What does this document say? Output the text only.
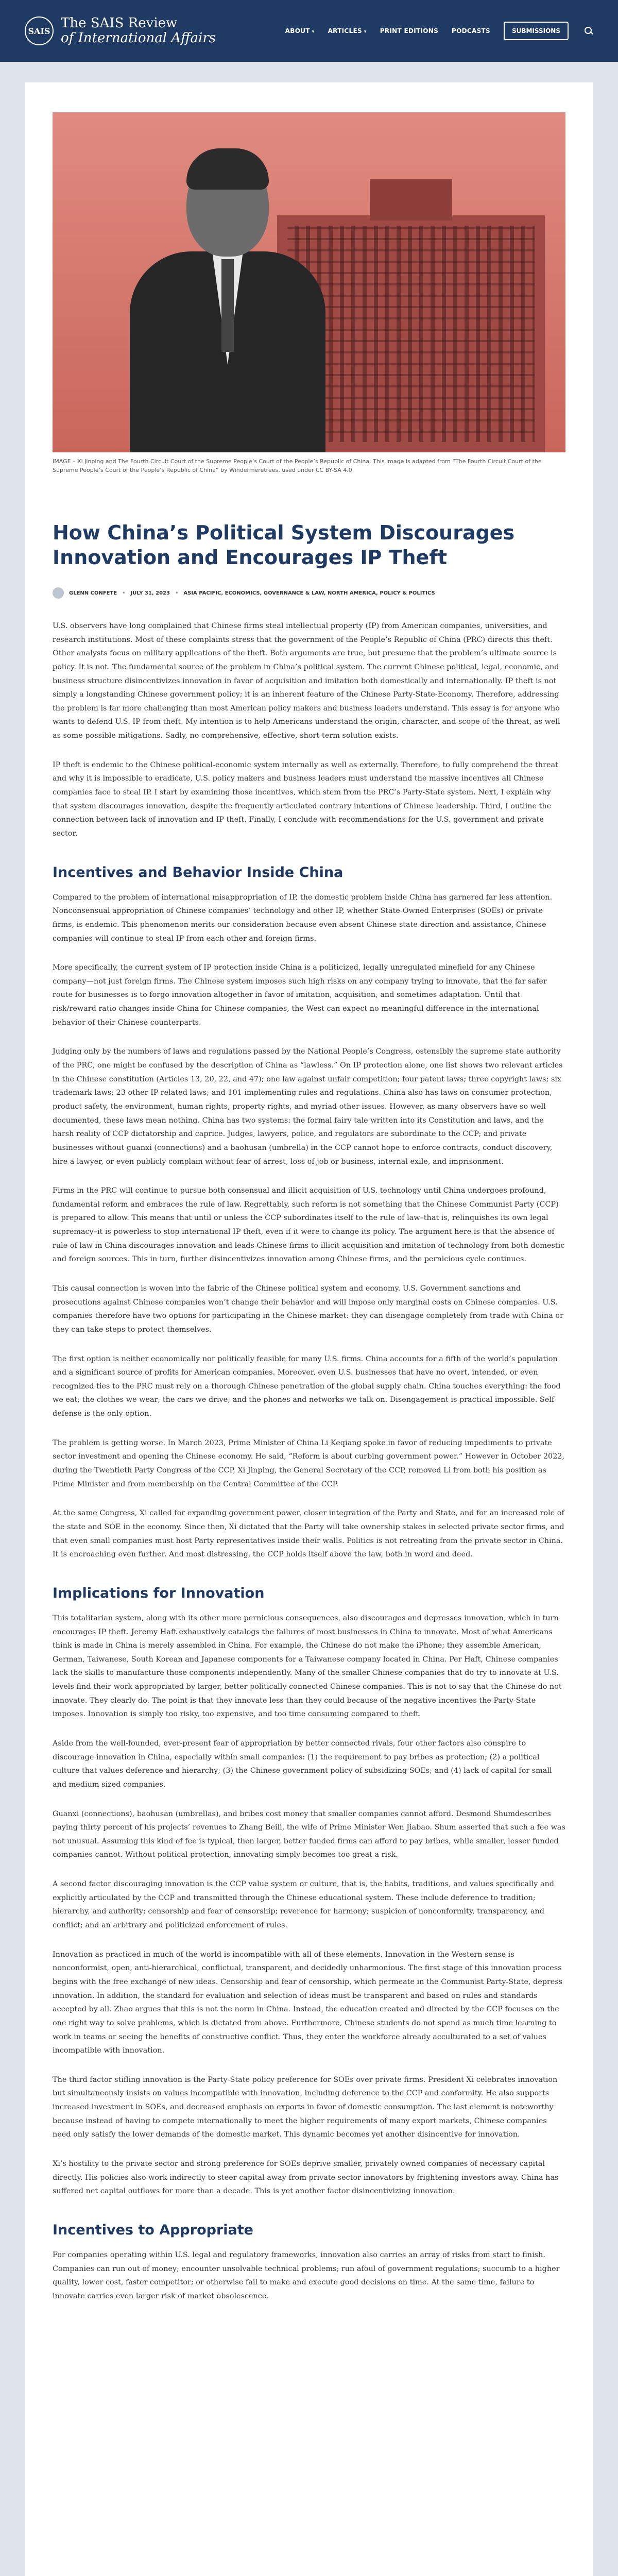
SAIS The SAIS Review
of International Affairs	ABOUT ▾ ARTICLES ▾ PRINT EDITIONS PODCASTS	SUBMISSIONS

IMAGE – Xi Jinping and The Fourth Circuit Court of the Supreme People’s Court of the People’s Republic of China. This image is adapted from “The Fourth Circuit Court of the Supreme People’s Court of the People’s Republic of China” by Windermeretrees, used under CC BY-SA 4.0.

How China’s Political System Discourages Innovation and Encourages IP Theft
GLENN CONFETE • JULY 31, 2023 • ASIA PACIFIC, ECONOMICS, GOVERNANCE & LAW, NORTH AMERICA, POLICY & POLITICS

U.S. observers have long complained that Chinese firms steal intellectual property (IP) from American companies, universities, and research institutions. Most of these complaints stress that the government of the People’s Republic of China (PRC) directs this theft. Other analysts focus on military applications of the theft. Both arguments are true, but presume that the problem’s ultimate source is policy. It is not. The fundamental source of the problem in China’s political system. The current Chinese political, legal, economic, and business structure disincentivizes innovation in favor of acquisition and imitation both domestically and internationally. IP theft is not simply a longstanding Chinese government policy; it is an inherent feature of the Chinese Party-State-Economy. Therefore, addressing the problem is far more challenging than most American policy makers and business leaders understand. This essay is for anyone who wants to defend U.S. IP from theft. My intention is to help Americans understand the origin, character, and scope of the threat, as well as some possible mitigations. Sadly, no comprehensive, effective, short-term solution exists.

IP theft is endemic to the Chinese political-economic system internally as well as externally. Therefore, to fully comprehend the threat and why it is impossible to eradicate, U.S. policy makers and business leaders must understand the massive incentives all Chinese companies face to steal IP. I start by examining those incentives, which stem from the PRC’s Party-State system. Next, I explain why that system discourages innovation, despite the frequently articulated contrary intentions of Chinese leadership. Third, I outline the connection between lack of innovation and IP theft. Finally, I conclude with recommendations for the U.S. government and private sector.

Incentives and Behavior Inside China

Compared to the problem of international misappropriation of IP, the domestic problem inside China has garnered far less attention. Nonconsensual appropriation of Chinese companies’ technology and other IP, whether State-Owned Enterprises (SOEs) or private firms, is endemic. This phenomenon merits our consideration because even absent Chinese state direction and assistance, Chinese companies will continue to steal IP from each other and foreign firms.

More specifically, the current system of IP protection inside China is a politicized, legally unregulated minefield for any Chinese company—not just foreign firms. The Chinese system imposes such high risks on any company trying to innovate, that the far safer route for businesses is to forgo innovation altogether in favor of imitation, acquisition, and sometimes adaptation. Until that risk/reward ratio changes inside China for Chinese companies, the West can expect no meaningful difference in the international behavior of their Chinese counterparts.

Judging only by the numbers of laws and regulations passed by the National People’s Congress, ostensibly the supreme state authority of the PRC, one might be confused by the description of China as “lawless.” On IP protection alone, one list shows two relevant articles in the Chinese constitution (Articles 13, 20, 22, and 47); one law against unfair competition; four patent laws; three copyright laws; six trademark laws; 23 other IP-related laws; and 101 implementing rules and regulations. China also has laws on consumer protection, product safety, the environment, human rights, property rights, and myriad other issues. However, as many observers have so well documented, these laws mean nothing. China has two systems: the formal fairy tale written into its Constitution and laws, and the harsh reality of CCP dictatorship and caprice. Judges, lawyers, police, and regulators are subordinate to the CCP; and private businesses without guanxi (connections) and a baohusan (umbrella) in the CCP cannot hope to enforce contracts, conduct discovery, hire a lawyer, or even publicly complain without fear of arrest, loss of job or business, internal exile, and imprisonment.

Firms in the PRC will continue to pursue both consensual and illicit acquisition of U.S. technology until China undergoes profound, fundamental reform and embraces the rule of law. Regrettably, such reform is not something that the Chinese Communist Party (CCP) is prepared to allow. This means that until or unless the CCP subordinates itself to the rule of law–that is, relinquishes its own legal supremacy–it is powerless to stop international IP theft, even if it were to change its policy. The argument here is that the absence of rule of law in China discourages innovation and leads Chinese firms to illicit acquisition and imitation of technology from both domestic and foreign sources. This in turn, further disincentivizes innovation among Chinese firms, and the pernicious cycle continues.

This causal connection is woven into the fabric of the Chinese political system and economy. U.S. Government sanctions and prosecutions against Chinese companies won’t change their behavior and will impose only marginal costs on Chinese companies. U.S. companies therefore have two options for participating in the Chinese market: they can disengage completely from trade with China or they can take steps to protect themselves.

The first option is neither economically nor politically feasible for many U.S. firms. China accounts for a fifth of the world’s population and a significant source of profits for American companies. Moreover, even U.S. businesses that have no overt, intended, or even recognized ties to the PRC must rely on a thorough Chinese penetration of the global supply chain. China touches everything: the food we eat; the clothes we wear; the cars we drive; and the phones and networks we talk on. Disengagement is practical impossible. Self-defense is the only option.

The problem is getting worse. In March 2023, Prime Minister of China Li Keqiang spoke in favor of reducing impediments to private sector investment and opening the Chinese economy. He said, “Reform is about curbing government power.” However in October 2022, during the Twentieth Party Congress of the CCP, Xi Jinping, the General Secretary of the CCP, removed Li from both his position as Prime Minister and from membership on the Central Committee of the CCP.

At the same Congress, Xi called for expanding government power, closer integration of the Party and State, and for an increased role of the state and SOE in the economy. Since then, Xi dictated that the Party will take ownership stakes in selected private sector firms, and that even small companies must host Party representatives inside their walls. Politics is not retreating from the private sector in China. It is encroaching even further. And most distressing, the CCP holds itself above the law, both in word and deed.

Implications for Innovation

This totalitarian system, along with its other more pernicious consequences, also discourages and depresses innovation, which in turn encourages IP theft. Jeremy Haft exhaustively catalogs the failures of most businesses in China to innovate. Most of what Americans think is made in China is merely assembled in China. For example, the Chinese do not make the iPhone; they assemble American, German, Taiwanese, South Korean and Japanese components for a Taiwanese company located in China. Per Haft, Chinese companies lack the skills to manufacture those components independently. Many of the smaller Chinese companies that do try to innovate at U.S. levels find their work appropriated by larger, better politically connected Chinese companies. This is not to say that the Chinese do not innovate. They clearly do. The point is that they innovate less than they could because of the negative incentives the Party-State imposes. Innovation is simply too risky, too expensive, and too time consuming compared to theft.

Aside from the well-founded, ever-present fear of appropriation by better connected rivals, four other factors also conspire to discourage innovation in China, especially within small companies: (1) the requirement to pay bribes as protection; (2) a political culture that values deference and hierarchy; (3) the Chinese government policy of subsidizing SOEs; and (4) lack of capital for small and medium sized companies.

Guanxi (connections), baohusan (umbrellas), and bribes cost money that smaller companies cannot afford. Desmond Shumdescribes paying thirty percent of his projects’ revenues to Zhang Beili, the wife of Prime Minister Wen Jiabao. Shum asserted that such a fee was not unusual. Assuming this kind of fee is typical, then larger, better funded firms can afford to pay bribes, while smaller, lesser funded companies cannot. Without political protection, innovating simply becomes too great a risk.

A second factor discouraging innovation is the CCP value system or culture, that is, the habits, traditions, and values specifically and explicitly articulated by the CCP and transmitted through the Chinese educational system. These include deference to tradition; hierarchy, and authority; censorship and fear of censorship; reverence for harmony; suspicion of nonconformity, transparency, and conflict; and an arbitrary and politicized enforcement of rules.

Innovation as practiced in much of the world is incompatible with all of these elements. Innovation in the Western sense is nonconformist, open, anti-hierarchical, conflictual, transparent, and decidedly unharmonious. The first stage of this innovation process begins with the free exchange of new ideas. Censorship and fear of censorship, which permeate in the Communist Party-State, depress innovation. In addition, the standard for evaluation and selection of ideas must be transparent and based on rules and standards accepted by all. Zhao argues that this is not the norm in China. Instead, the education created and directed by the CCP focuses on the one right way to solve problems, which is dictated from above. Furthermore, Chinese students do not spend as much time learning to work in teams or seeing the benefits of constructive conflict. Thus, they enter the workforce already acculturated to a set of values incompatible with innovation.

The third factor stifling innovation is the Party-State policy preference for SOEs over private firms. President Xi celebrates innovation but simultaneously insists on values incompatible with innovation, including deference to the CCP and conformity. He also supports increased investment in SOEs, and decreased emphasis on exports in favor of domestic consumption. The last element is noteworthy because instead of having to compete internationally to meet the higher requirements of many export markets, Chinese companies need only satisfy the lower demands of the domestic market. This dynamic becomes yet another disincentive for innovation.

Xi’s hostility to the private sector and strong preference for SOEs deprive smaller, privately owned companies of necessary capital directly. His policies also work indirectly to steer capital away from private sector innovators by frightening investors away. China has suffered net capital outflows for more than a decade. This is yet another factor disincentivizing innovation.

Incentives to Appropriate

For companies operating within U.S. legal and regulatory frameworks, innovation also carries an array of risks from start to finish. Companies can run out of money; encounter unsolvable technical problems; run afoul of government regulations; succumb to a higher quality, lower cost, faster competitor; or otherwise fail to make and execute good decisions on time. At the same time, failure to innovate carries even larger risk of market obsolescence.
